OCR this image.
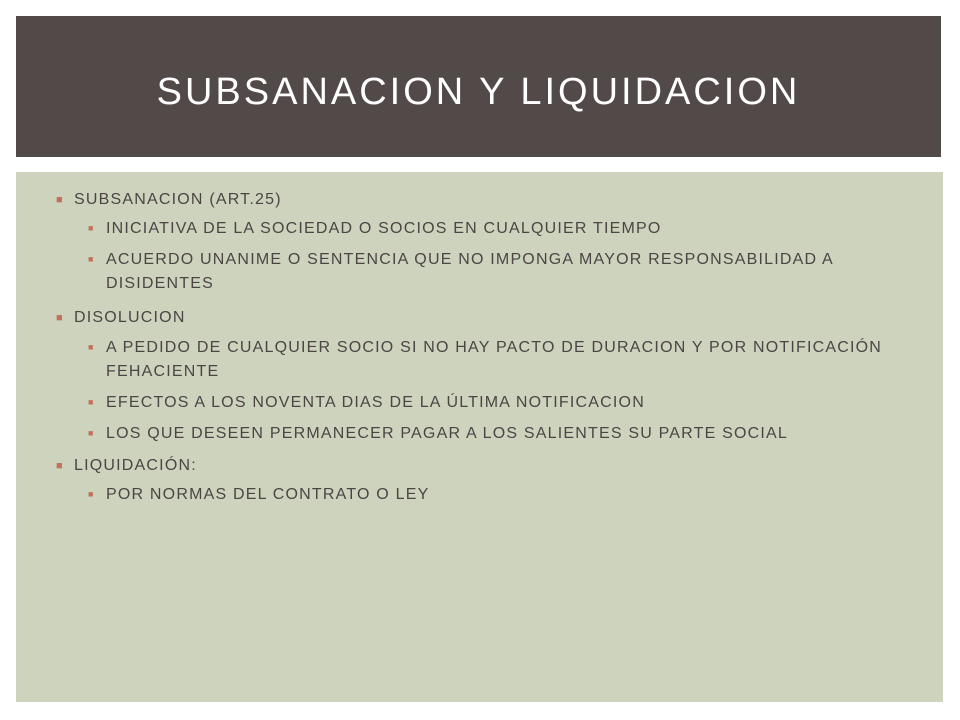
SUBSANACION Y LIQUIDACION
■ SUBSANACION (ART.25)
■ INICIATIVA DE LA SOCIEDAD O SOCIOS EN CUALQUIER TIEMPO
■ ACUERDO UNANIME O SENTENCIA QUE NO IMPONGA MAYOR RESPONSABILIDAD A DISIDENTES
■ DISOLUCION
■ A PEDIDO DE CUALQUIER SOCIO SI NO HAY PACTO DE DURACION Y POR NOTIFICACIÓN FEHACIENTE
■ EFECTOS A LOS NOVENTA DIAS DE LA ÚLTIMA NOTIFICACION
■ LOS QUE DESEEN PERMANECER PAGAR A LOS SALIENTES SU PARTE SOCIAL
■ LIQUIDACIÓN:
■ POR NORMAS DEL CONTRATO O LEY
